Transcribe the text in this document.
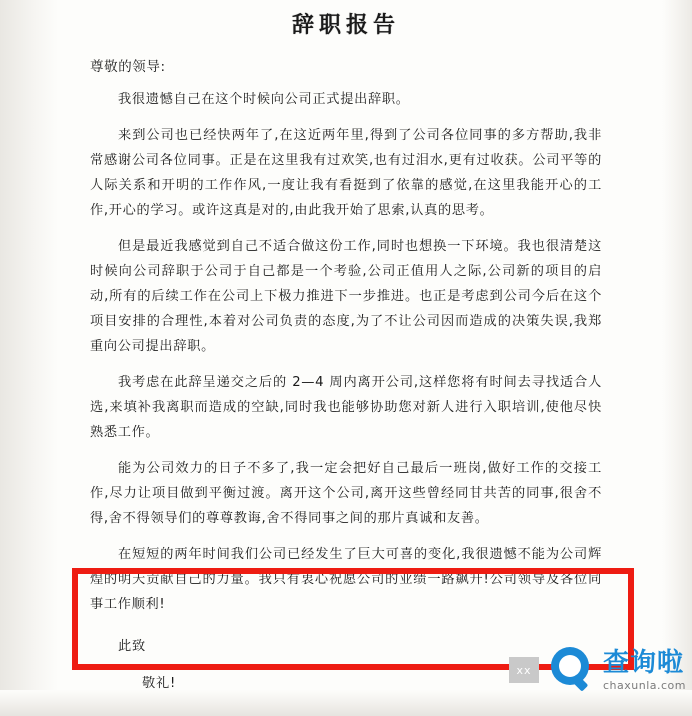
辞职报告

尊敬的领导:

我很遗憾自己在这个时候向公司正式提出辞职。

来到公司也已经快两年了,在这近两年里,得到了公司各位同事的多方帮助,我非常感谢公司各位同事。正是在这里我有过欢笑,也有过泪水,更有过收获。公司平等的人际关系和开明的工作作风,一度让我有看挺到了依靠的感觉,在这里我能开心的工作,开心的学习。或许这真是对的,由此我开始了思索,认真的思考。

但是最近我感觉到自己不适合做这份工作,同时也想换一下环境。我也很清楚这时候向公司辞职于公司于自己都是一个考验,公司正值用人之际,公司新的项目的启动,所有的后续工作在公司上下极力推进下一步推进。也正是考虑到公司今后在这个项目安排的合理性,本着对公司负责的态度,为了不让公司因而造成的决策失误,我郑重向公司提出辞职。

我考虑在此辞呈递交之后的 2—4 周内离开公司,这样您将有时间去寻找适合人选,来填补我离职而造成的空缺,同时我也能够协助您对新人进行入职培训,使他尽快熟悉工作。

能为公司效力的日子不多了,我一定会把好自己最后一班岗,做好工作的交接工作,尽力让项目做到平衡过渡。离开这个公司,离开这些曾经同甘共苦的同事,很舍不得,舍不得领导们的尊尊教诲,舍不得同事之间的那片真诚和友善。

在短短的两年时间我们公司已经发生了巨大可喜的变化,我很遗憾不能为公司辉煌的明天贡献自己的力量。我只有衷心祝愿公司的业绩一路飙升!公司领导及各位同事工作顺利!

此致

敬礼!

xx	查询啦
chaxunla.com
